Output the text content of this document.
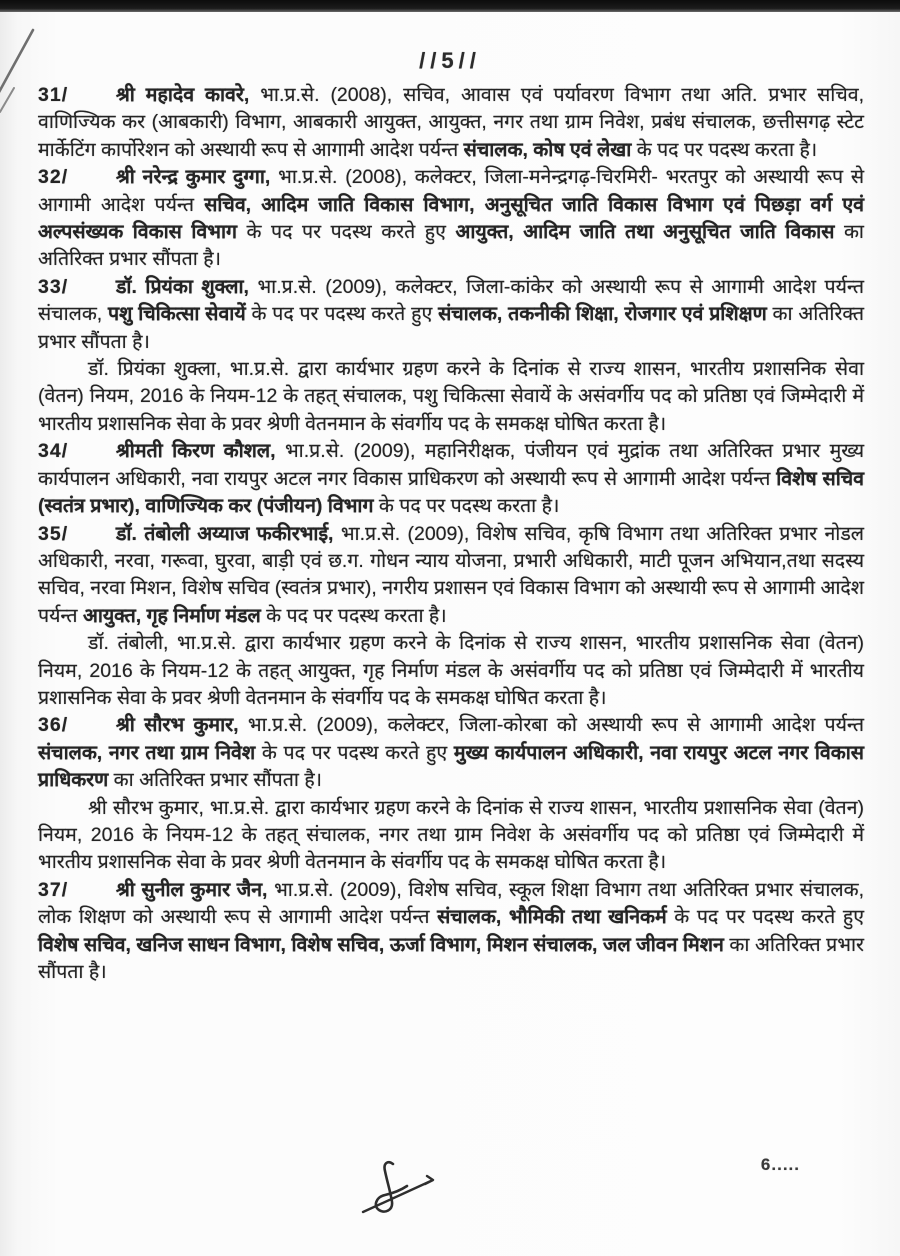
//5//

31/ श्री महादेव कावरे, भा.प्र.से. (2008), सचिव, आवास एवं पर्यावरण विभाग तथा अति. प्रभार सचिव, वाणिज्यिक कर (आबकारी) विभाग, आबकारी आयुक्त, आयुक्त, नगर तथा ग्राम निवेश, प्रबंध संचालक, छत्तीसगढ़ स्टेट मार्केटिंग कार्पोरेशन को अस्थायी रूप से आगामी आदेश पर्यन्त संचालक, कोष एवं लेखा के पद पर पदस्थ करता है।

32/ श्री नरेन्द्र कुमार दुग्गा, भा.प्र.से. (2008), कलेक्टर, जिला-मनेन्द्रगढ़-चिरमिरी- भरतपुर को अस्थायी रूप से आगामी आदेश पर्यन्त सचिव, आदिम जाति विकास विभाग, अनुसूचित जाति विकास विभाग एवं पिछड़ा वर्ग एवं अल्पसंख्यक विकास विभाग के पद पर पदस्थ करते हुए आयुक्त, आदिम जाति तथा अनुसूचित जाति विकास का अतिरिक्त प्रभार सौंपता है।

33/ डॉ. प्रियंका शुक्ला, भा.प्र.से. (2009), कलेक्टर, जिला-कांकेर को अस्थायी रूप से आगामी आदेश पर्यन्त संचालक, पशु चिकित्सा सेवायें के पद पर पदस्थ करते हुए संचालक, तकनीकी शिक्षा, रोजगार एवं प्रशिक्षण का अतिरिक्त प्रभार सौंपता है।

डॉ. प्रियंका शुक्ला, भा.प्र.से. द्वारा कार्यभार ग्रहण करने के दिनांक से राज्य शासन, भारतीय प्रशासनिक सेवा (वेतन) नियम, 2016 के नियम-12 के तहत् संचालक, पशु चिकित्सा सेवायें के असंवर्गीय पद को प्रतिष्ठा एवं जिम्मेदारी में भारतीय प्रशासनिक सेवा के प्रवर श्रेणी वेतनमान के संवर्गीय पद के समकक्ष घोषित करता है।

34/ श्रीमती किरण कौशल, भा.प्र.से. (2009), महानिरीक्षक, पंजीयन एवं मुद्रांक तथा अतिरिक्त प्रभार मुख्य कार्यपालन अधिकारी, नवा रायपुर अटल नगर विकास प्राधिकरण को अस्थायी रूप से आगामी आदेश पर्यन्त विशेष सचिव (स्वतंत्र प्रभार), वाणिज्यिक कर (पंजीयन) विभाग के पद पर पदस्थ करता है।

35/ डॉ. तंबोली अय्याज फकीरभाई, भा.प्र.से. (2009), विशेष सचिव, कृषि विभाग तथा अतिरिक्त प्रभार नोडल अधिकारी, नरवा, गरूवा, घुरवा, बाड़ी एवं छ.ग. गोधन न्याय योजना, प्रभारी अधिकारी, माटी पूजन अभियान,तथा सदस्य सचिव, नरवा मिशन, विशेष सचिव (स्वतंत्र प्रभार), नगरीय प्रशासन एवं विकास विभाग को अस्थायी रूप से आगामी आदेश पर्यन्त आयुक्त, गृह निर्माण मंडल के पद पर पदस्थ करता है।

डॉ. तंबोली, भा.प्र.से. द्वारा कार्यभार ग्रहण करने के दिनांक से राज्य शासन, भारतीय प्रशासनिक सेवा (वेतन) नियम, 2016 के नियम-12 के तहत् आयुक्त, गृह निर्माण मंडल के असंवर्गीय पद को प्रतिष्ठा एवं जिम्मेदारी में भारतीय प्रशासनिक सेवा के प्रवर श्रेणी वेतनमान के संवर्गीय पद के समकक्ष घोषित करता है।

36/ श्री सौरभ कुमार, भा.प्र.से. (2009), कलेक्टर, जिला-कोरबा को अस्थायी रूप से आगामी आदेश पर्यन्त संचालक, नगर तथा ग्राम निवेश के पद पर पदस्थ करते हुए मुख्य कार्यपालन अधिकारी, नवा रायपुर अटल नगर विकास प्राधिकरण का अतिरिक्त प्रभार सौंपता है।

श्री सौरभ कुमार, भा.प्र.से. द्वारा कार्यभार ग्रहण करने के दिनांक से राज्य शासन, भारतीय प्रशासनिक सेवा (वेतन) नियम, 2016 के नियम-12 के तहत् संचालक, नगर तथा ग्राम निवेश के असंवर्गीय पद को प्रतिष्ठा एवं जिम्मेदारी में भारतीय प्रशासनिक सेवा के प्रवर श्रेणी वेतनमान के संवर्गीय पद के समकक्ष घोषित करता है।

37/ श्री सुनील कुमार जैन, भा.प्र.से. (2009), विशेष सचिव, स्कूल शिक्षा विभाग तथा अतिरिक्त प्रभार संचालक, लोक शिक्षण को अस्थायी रूप से आगामी आदेश पर्यन्त संचालक, भौमिकी तथा खनिकर्म के पद पर पदस्थ करते हुए विशेष सचिव, खनिज साधन विभाग, विशेष सचिव, ऊर्जा विभाग, मिशन संचालक, जल जीवन मिशन का अतिरिक्त प्रभार सौंपता है।

6.....
